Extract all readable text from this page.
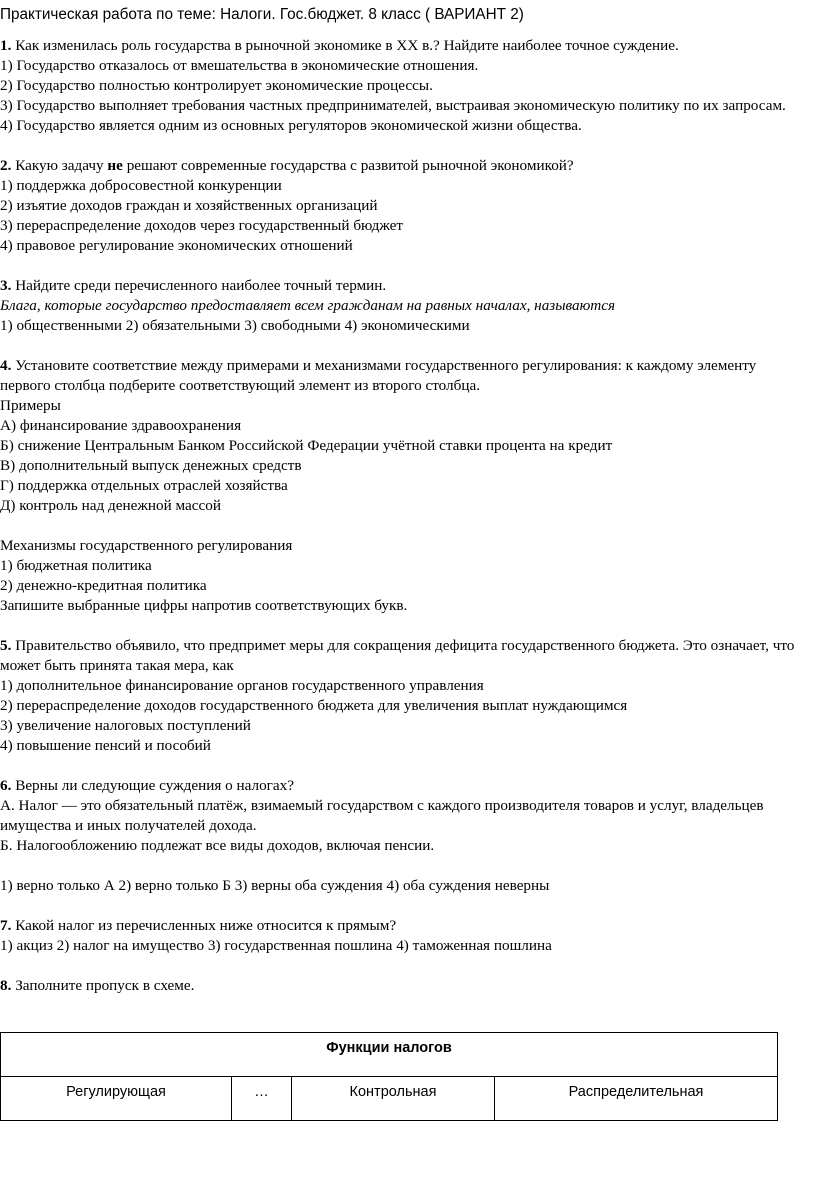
Практическая работа по теме: Налоги. Гос.бюджет. 8 класс ( ВАРИАНТ 2)

1. Как изменилась роль государства в рыночной экономике в XX в.? Найдите наиболее точное суждение.

1) Государство отказалось от вмешательства в экономические отношения.

2) Государство полностью контролирует экономические процессы.

3) Государство выполняет требования частных предпринимателей, выстраивая экономическую политику по их запросам.

4) Государство является одним из основных регуляторов экономической жизни общества.

2. Какую задачу не решают современные государства с развитой рыночной экономикой?

1) поддержка добросовестной конкуренции

2) изъятие доходов граждан и хозяйственных организаций

3) перераспределение доходов через государственный бюджет

4) правовое регулирование экономических отношений

3. Найдите среди перечисленного наиболее точный термин.

Блага, которые государство предоставляет всем гражданам на равных началах, называются

1) общественными 2) обязательными 3) свободными 4) экономическими

4. Установите соответствие между примерами и механизмами государственного регулирования: к каждому элементу первого столбца подберите соответствующий элемент из второго столбца.

Примеры

А) финансирование здравоохранения

Б) снижение Центральным Банком Российской Федерации учётной ставки процента на кредит

В) дополнительный выпуск денежных средств

Г) поддержка отдельных отраслей хозяйства

Д) контроль над денежной массой

Механизмы государственного регулирования

1) бюджетная политика

2) денежно-кредитная политика

Запишите выбранные цифры напротив соответствующих букв.

5. Правительство объявило, что предпримет меры для сокращения дефицита государственного бюджета. Это означает, что может быть принята такая мера, как

1) дополнительное финансирование органов государственного управления

2) перераспределение доходов государственного бюджета для увеличения выплат нуждающимся

3) увеличение налоговых поступлений

4) повышение пенсий и пособий

6. Верны ли следующие суждения о налогах?

А. Налог — это обязательный платёж, взимаемый государством с каждого производителя товаров и услуг, владельцев имущества и иных получателей дохода.

Б. Налогообложению подлежат все виды доходов, включая пенсии.

1) верно только А 2) верно только Б 3) верны оба суждения 4) оба суждения неверны

7. Какой налог из перечисленных ниже относится к прямым?

1) акциз 2) налог на имущество 3) государственная пошлина 4) таможенная пошлина

8. Заполните пропуск в схеме.

Функции налогов
Регулирующая	…	Контрольная	Распределительная
